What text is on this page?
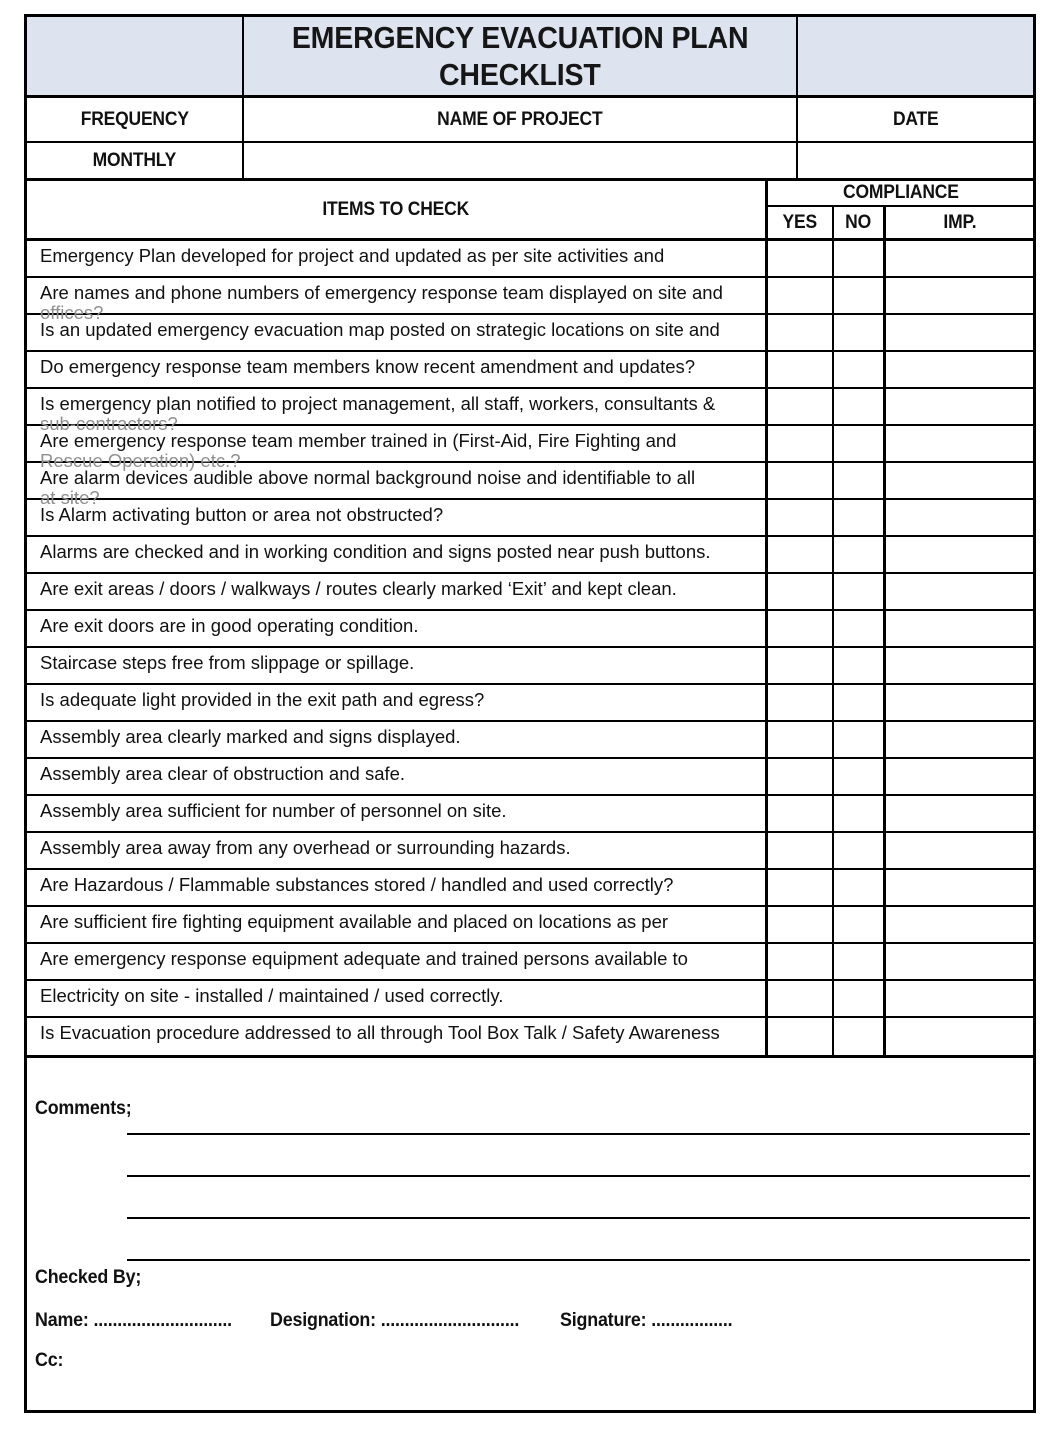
EMERGENCY EVACUATION PLAN
CHECKLIST
FREQUENCY	NAME OF PROJECT	DATE
MONTHLY
ITEMS TO CHECK
COMPLIANCE
YES NO	IMP.
Emergency Plan developed for project and updated as per site activities and
Are names and phone numbers of emergency response team displayed on site and
offices?
Is an updated emergency evacuation map posted on strategic locations on site and
Do emergency response team members know recent amendment and updates?
Is emergency plan notified to project management, all staff, workers, consultants &
sub-contractors?
Are emergency response team member trained in (First-Aid, Fire Fighting and
Rescue Operation) etc.?
Are alarm devices audible above normal background noise and identifiable to all
at site?
Is Alarm activating button or area not obstructed?
Alarms are checked and in working condition and signs posted near push buttons.
Are exit areas / doors / walkways / routes clearly marked ‘Exit’ and kept clean.
Are exit doors are in good operating condition.
Staircase steps free from slippage or spillage.
Is adequate light provided in the exit path and egress?
Assembly area clearly marked and signs displayed.
Assembly area clear of obstruction and safe.
Assembly area sufficient for number of personnel on site.
Assembly area away from any overhead or surrounding hazards.
Are Hazardous / Flammable substances stored / handled and used correctly?
Are sufficient fire fighting equipment available and placed on locations as per
Are emergency response equipment adequate and trained persons available to
Electricity on site - installed / maintained / used correctly.
Is Evacuation procedure addressed to all through Tool Box Talk / Safety Awareness
Comments;
Checked By;
Name: ............................. Designation: ............................. Signature: .................
Cc:
